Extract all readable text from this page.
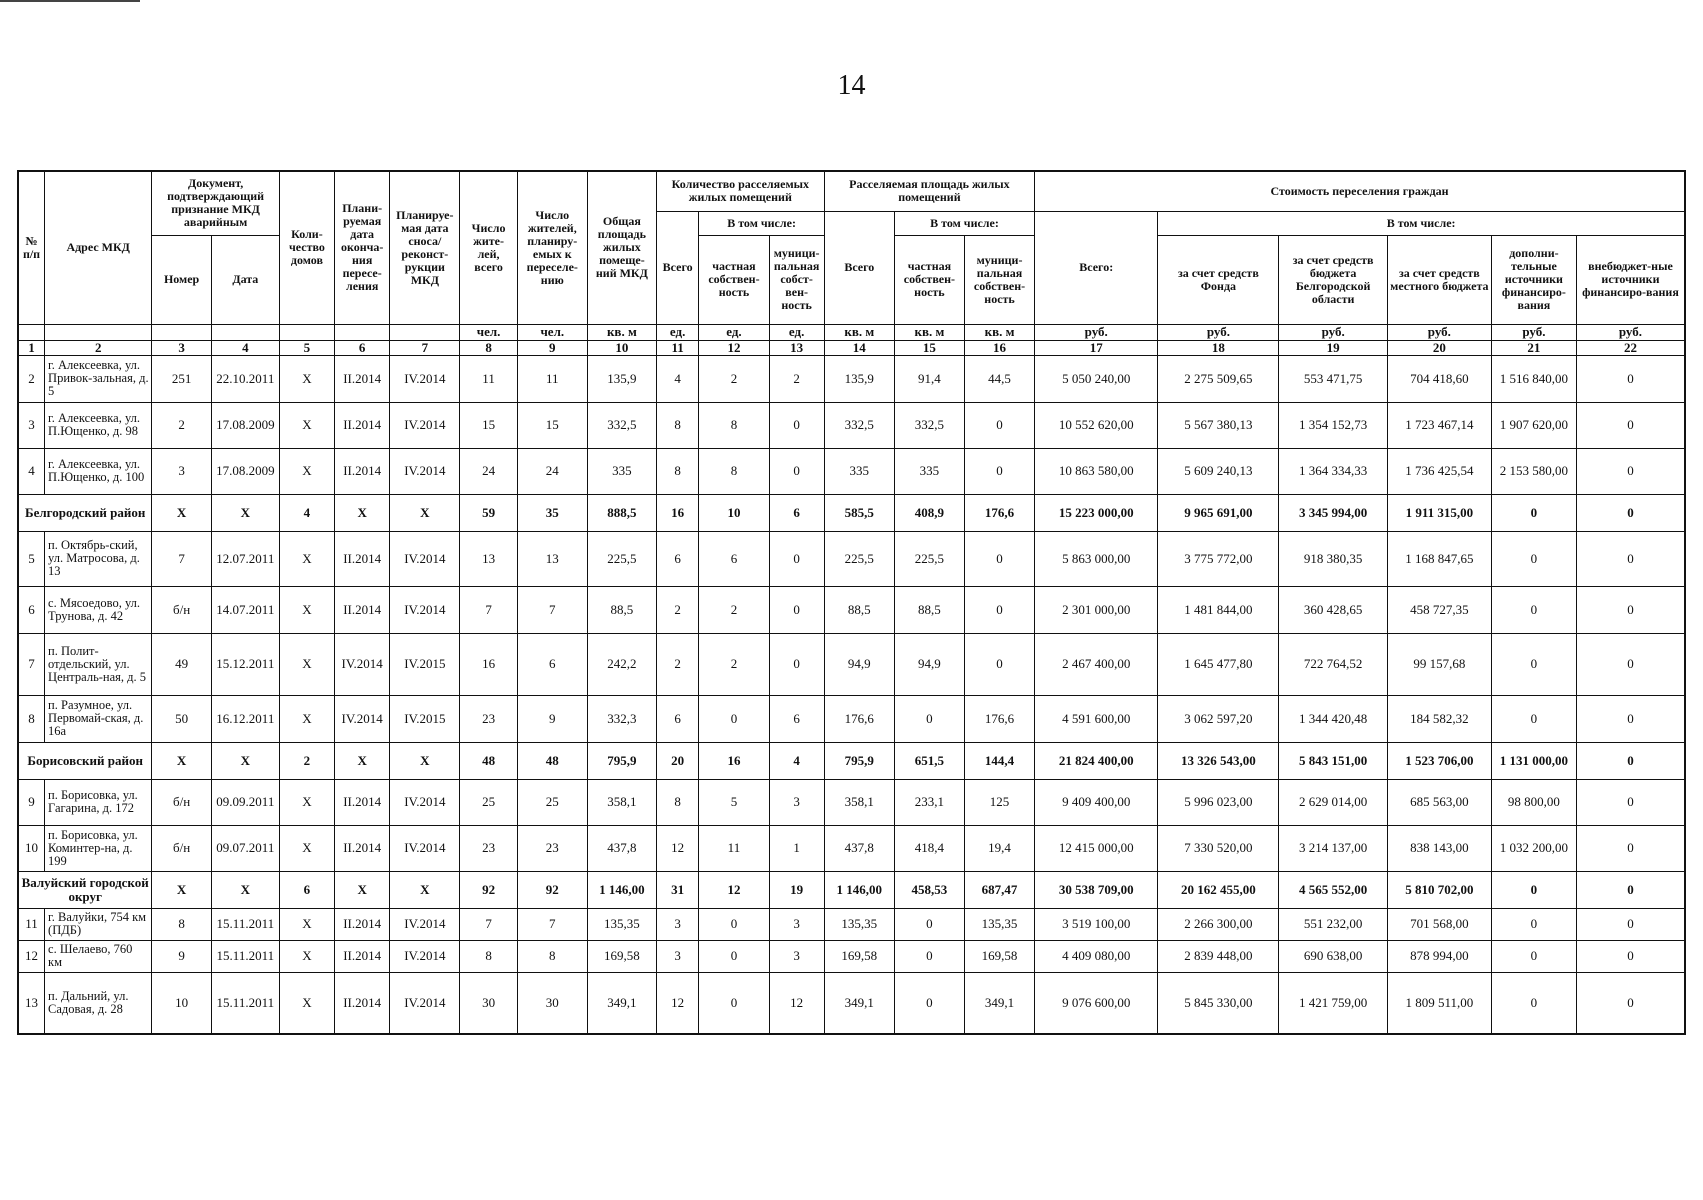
14
№ п/п	Адрес МКД	Документ, подтверждающий признание МКД аварийным		Коли-чество домов	Плани-руемая дата оконча-ния пересе-ления	Планируе-мая дата сноса/ реконст-рукции МКД	Число жите-лей, всего	Число жителей, планиру-емых к переселе-нию	Общая площадь жилых помеще-ний МКД	Количество расселяемых жилых помещений			Расселяемая площадь жилых помещений			Стоимость переселения граждан					
										Всего	В том числе:		Всего	В том числе:		Всего:	В том числе:				
		Номер	Дата								частная собствен-ность	муници-пальная собст-вен-ность		частная собствен-ность	муници-пальная собствен-ность		за счет средств Фонда	за счет средств бюджета Белгородской области	за счет средств местного бюджета	дополни-тельные источники финансиро-вания	внебюджет-ные источники финансиро-вания
							чел.	чел.	кв. м	ед.	ед.	ед.	кв. м	кв. м	кв. м	руб.	руб.	руб.	руб.	руб.	руб.
1	2	3	4	5	6	7	8	9	10	11	12	13	14	15	16	17	18	19	20	21	22
2	г. Алексеевка, ул. Привок-зальная, д. 5	251	22.10.2011	X	II.2014	IV.2014	11	11	135,9	4	2	2	135,9	91,4	44,5	5 050 240,00	2 275 509,65	553 471,75	704 418,60	1 516 840,00	0
3	г. Алексеевка, ул. П.Ющенко, д. 98	2	17.08.2009	X	II.2014	IV.2014	15	15	332,5	8	8	0	332,5	332,5	0	10 552 620,00	5 567 380,13	1 354 152,73	1 723 467,14	1 907 620,00	0
4	г. Алексеевка, ул. П.Ющенко, д. 100	3	17.08.2009	X	II.2014	IV.2014	24	24	335	8	8	0	335	335	0	10 863 580,00	5 609 240,13	1 364 334,33	1 736 425,54	2 153 580,00	0
Белгородский район		X	X	4	X	X	59	35	888,5	16	10	6	585,5	408,9	176,6	15 223 000,00	9 965 691,00	3 345 994,00	1 911 315,00	0	0
5	п. Октябрь-ский, ул. Матросова, д. 13	7	12.07.2011	X	II.2014	IV.2014	13	13	225,5	6	6	0	225,5	225,5	0	5 863 000,00	3 775 772,00	918 380,35	1 168 847,65	0	0
6	с. Мясоедово, ул. Трунова, д. 42	б/н	14.07.2011	X	II.2014	IV.2014	7	7	88,5	2	2	0	88,5	88,5	0	2 301 000,00	1 481 844,00	360 428,65	458 727,35	0	0
7	п. Полит-отдельский, ул. Централь-ная, д. 5	49	15.12.2011	X	IV.2014	IV.2015	16	6	242,2	2	2	0	94,9	94,9	0	2 467 400,00	1 645 477,80	722 764,52	99 157,68	0	0
8	п. Разумное, ул. Первомай-ская, д. 16а	50	16.12.2011	X	IV.2014	IV.2015	23	9	332,3	6	0	6	176,6	0	176,6	4 591 600,00	3 062 597,20	1 344 420,48	184 582,32	0	0
Борисовский район		X	X	2	X	X	48	48	795,9	20	16	4	795,9	651,5	144,4	21 824 400,00	13 326 543,00	5 843 151,00	1 523 706,00	1 131 000,00	0
9	п. Борисовка, ул. Гагарина, д. 172	б/н	09.09.2011	X	II.2014	IV.2014	25	25	358,1	8	5	3	358,1	233,1	125	9 409 400,00	5 996 023,00	2 629 014,00	685 563,00	98 800,00	0
10	п. Борисовка, ул. Коминтер-на, д. 199	б/н	09.07.2011	X	II.2014	IV.2014	23	23	437,8	12	11	1	437,8	418,4	19,4	12 415 000,00	7 330 520,00	3 214 137,00	838 143,00	1 032 200,00	0
Валуйский городской округ		X	X	6	X	X	92	92	1 146,00	31	12	19	1 146,00	458,53	687,47	30 538 709,00	20 162 455,00	4 565 552,00	5 810 702,00	0	0
11	г. Валуйки, 754 км (ПДБ)	8	15.11.2011	X	II.2014	IV.2014	7	7	135,35	3	0	3	135,35	0	135,35	3 519 100,00	2 266 300,00	551 232,00	701 568,00	0	0
12	с. Шелаево, 760 км	9	15.11.2011	X	II.2014	IV.2014	8	8	169,58	3	0	3	169,58	0	169,58	4 409 080,00	2 839 448,00	690 638,00	878 994,00	0	0
13	п. Дальний, ул. Садовая, д. 28	10	15.11.2011	X	II.2014	IV.2014	30	30	349,1	12	0	12	349,1	0	349,1	9 076 600,00	5 845 330,00	1 421 759,00	1 809 511,00	0	0
